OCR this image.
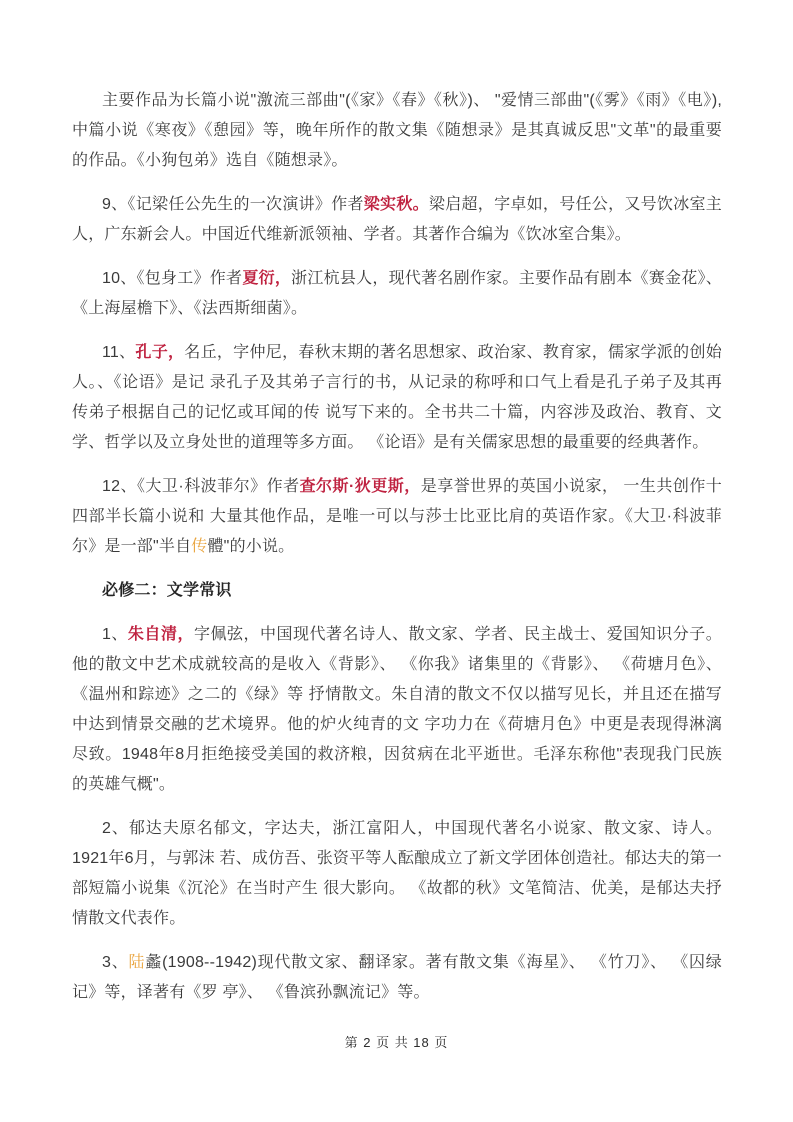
主要作品为长篇小说"激流三部曲"(《家》《春》《秋》)、 "爱情三部曲"(《雾》《雨》《电》),中篇小说《寒夜》《憩园》等，晚年所作的散文集《随想录》是其真诚反思"文革"的最重要的作品。《小狗包弟》选自《随想录》。

9、《记梁任公先生的一次演讲》作者梁实秋。梁启超，字卓如，号任公，又号饮冰室主人，广东新会人。中国近代维新派领袖、学者。其著作合编为《饮冰室合集》。

10、《包身工》作者夏衍，浙江杭县人，现代著名剧作家。主要作品有剧本《赛金花》、 《上海屋檐下》、《法西斯细菌》。

11、孔子，名丘，字仲尼，春秋末期的著名思想家、政治家、教育家，儒家学派的创始人。、《论语》是记 录孔子及其弟子言行的书，从记录的称呼和口气上看是孔子弟子及其再传弟子根据自己的记忆或耳闻的传 说写下来的。全书共二十篇，内容涉及政治、教育、文学、哲学以及立身处世的道理等多方面。 《论语》是有关儒家思想的最重要的经典著作。

12、《大卫·科波菲尔》作者查尔斯·狄更斯，是享誉世界的英国小说家， 一生共创作十四部半长篇小说和 大量其他作品，是唯一可以与莎士比亚比肩的英语作家。《大卫·科波菲尔》是一部"半自传體"的小说。

必修二：文学常识

1、朱自清，字佩弦，中国现代著名诗人、散文家、学者、民主战士、爱国知识分子。他的散文中艺术成就较高的是收入《背影》、 《你我》诸集里的《背影》、 《荷塘月色》、 《温州和踪迹》之二的《绿》等 抒情散文。朱自清的散文不仅以描写见长，并且还在描写中达到情景交融的艺术境界。他的炉火纯青的文 字功力在《荷塘月色》中更是表现得淋漓尽致。1948年8月拒绝接受美国的救济粮，因贫病在北平逝世。毛泽东称他"表现我门民族的英雄气概"。

2、郁达夫原名郁文，字达夫，浙江富阳人，中国现代著名小说家、散文家、诗人。1921年6月，与郭沫 若、成仿吾、张资平等人酝酿成立了新文学团体创造社。郁达夫的第一部短篇小说集《沉沦》在当时产生 很大影向。 《故都的秋》文笔简洁、优美，是郁达夫抒情散文代表作。

3、陆蠡(1908--1942)现代散文家、翻译家。著有散文集《海星》、 《竹刀》、 《囚绿记》等，译著有《罗 亭》、 《鲁滨孙飘流记》等。

第 2 页 共 18 页
